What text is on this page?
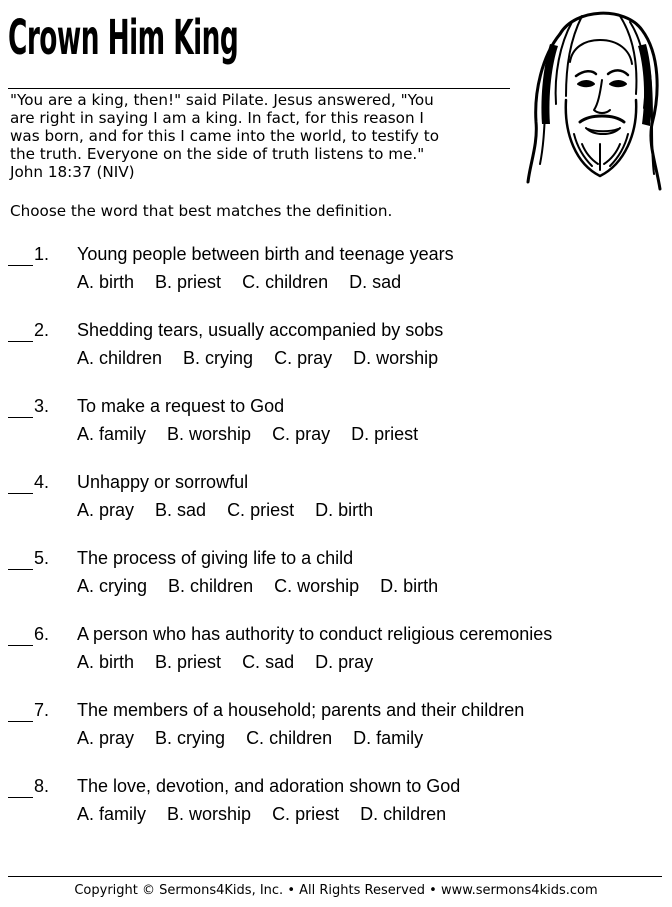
Crown Him King

"You are a king, then!" said Pilate. Jesus answered, "You

are right in saying I am a king. In fact, for this reason I

was born, and for this I came into the world, to testify to

the truth. Everyone on the side of truth listens to me."

John 18:37 (NIV)

Choose the word that best matches the definition.
1. Young people between birth and teenage years
A. birth B. priest C. children D. sad
2. Shedding tears, usually accompanied by sobs
A. children B. crying C. pray D. worship
3. To make a request to God
A. family B. worship C. pray D. priest
4. Unhappy or sorrowful
A. pray B. sad C. priest D. birth
5. The process of giving life to a child
A. crying B. children C. worship D. birth
6. A person who has authority to conduct religious ceremonies
A. birth B. priest C. sad D. pray
7. The members of a household; parents and their children
A. pray B. crying C. children D. family
8. The love, devotion, and adoration shown to God
A. family B. worship C. priest D. children
Copyright © Sermons4Kids, Inc. • All Rights Reserved • www.sermons4kids.com
